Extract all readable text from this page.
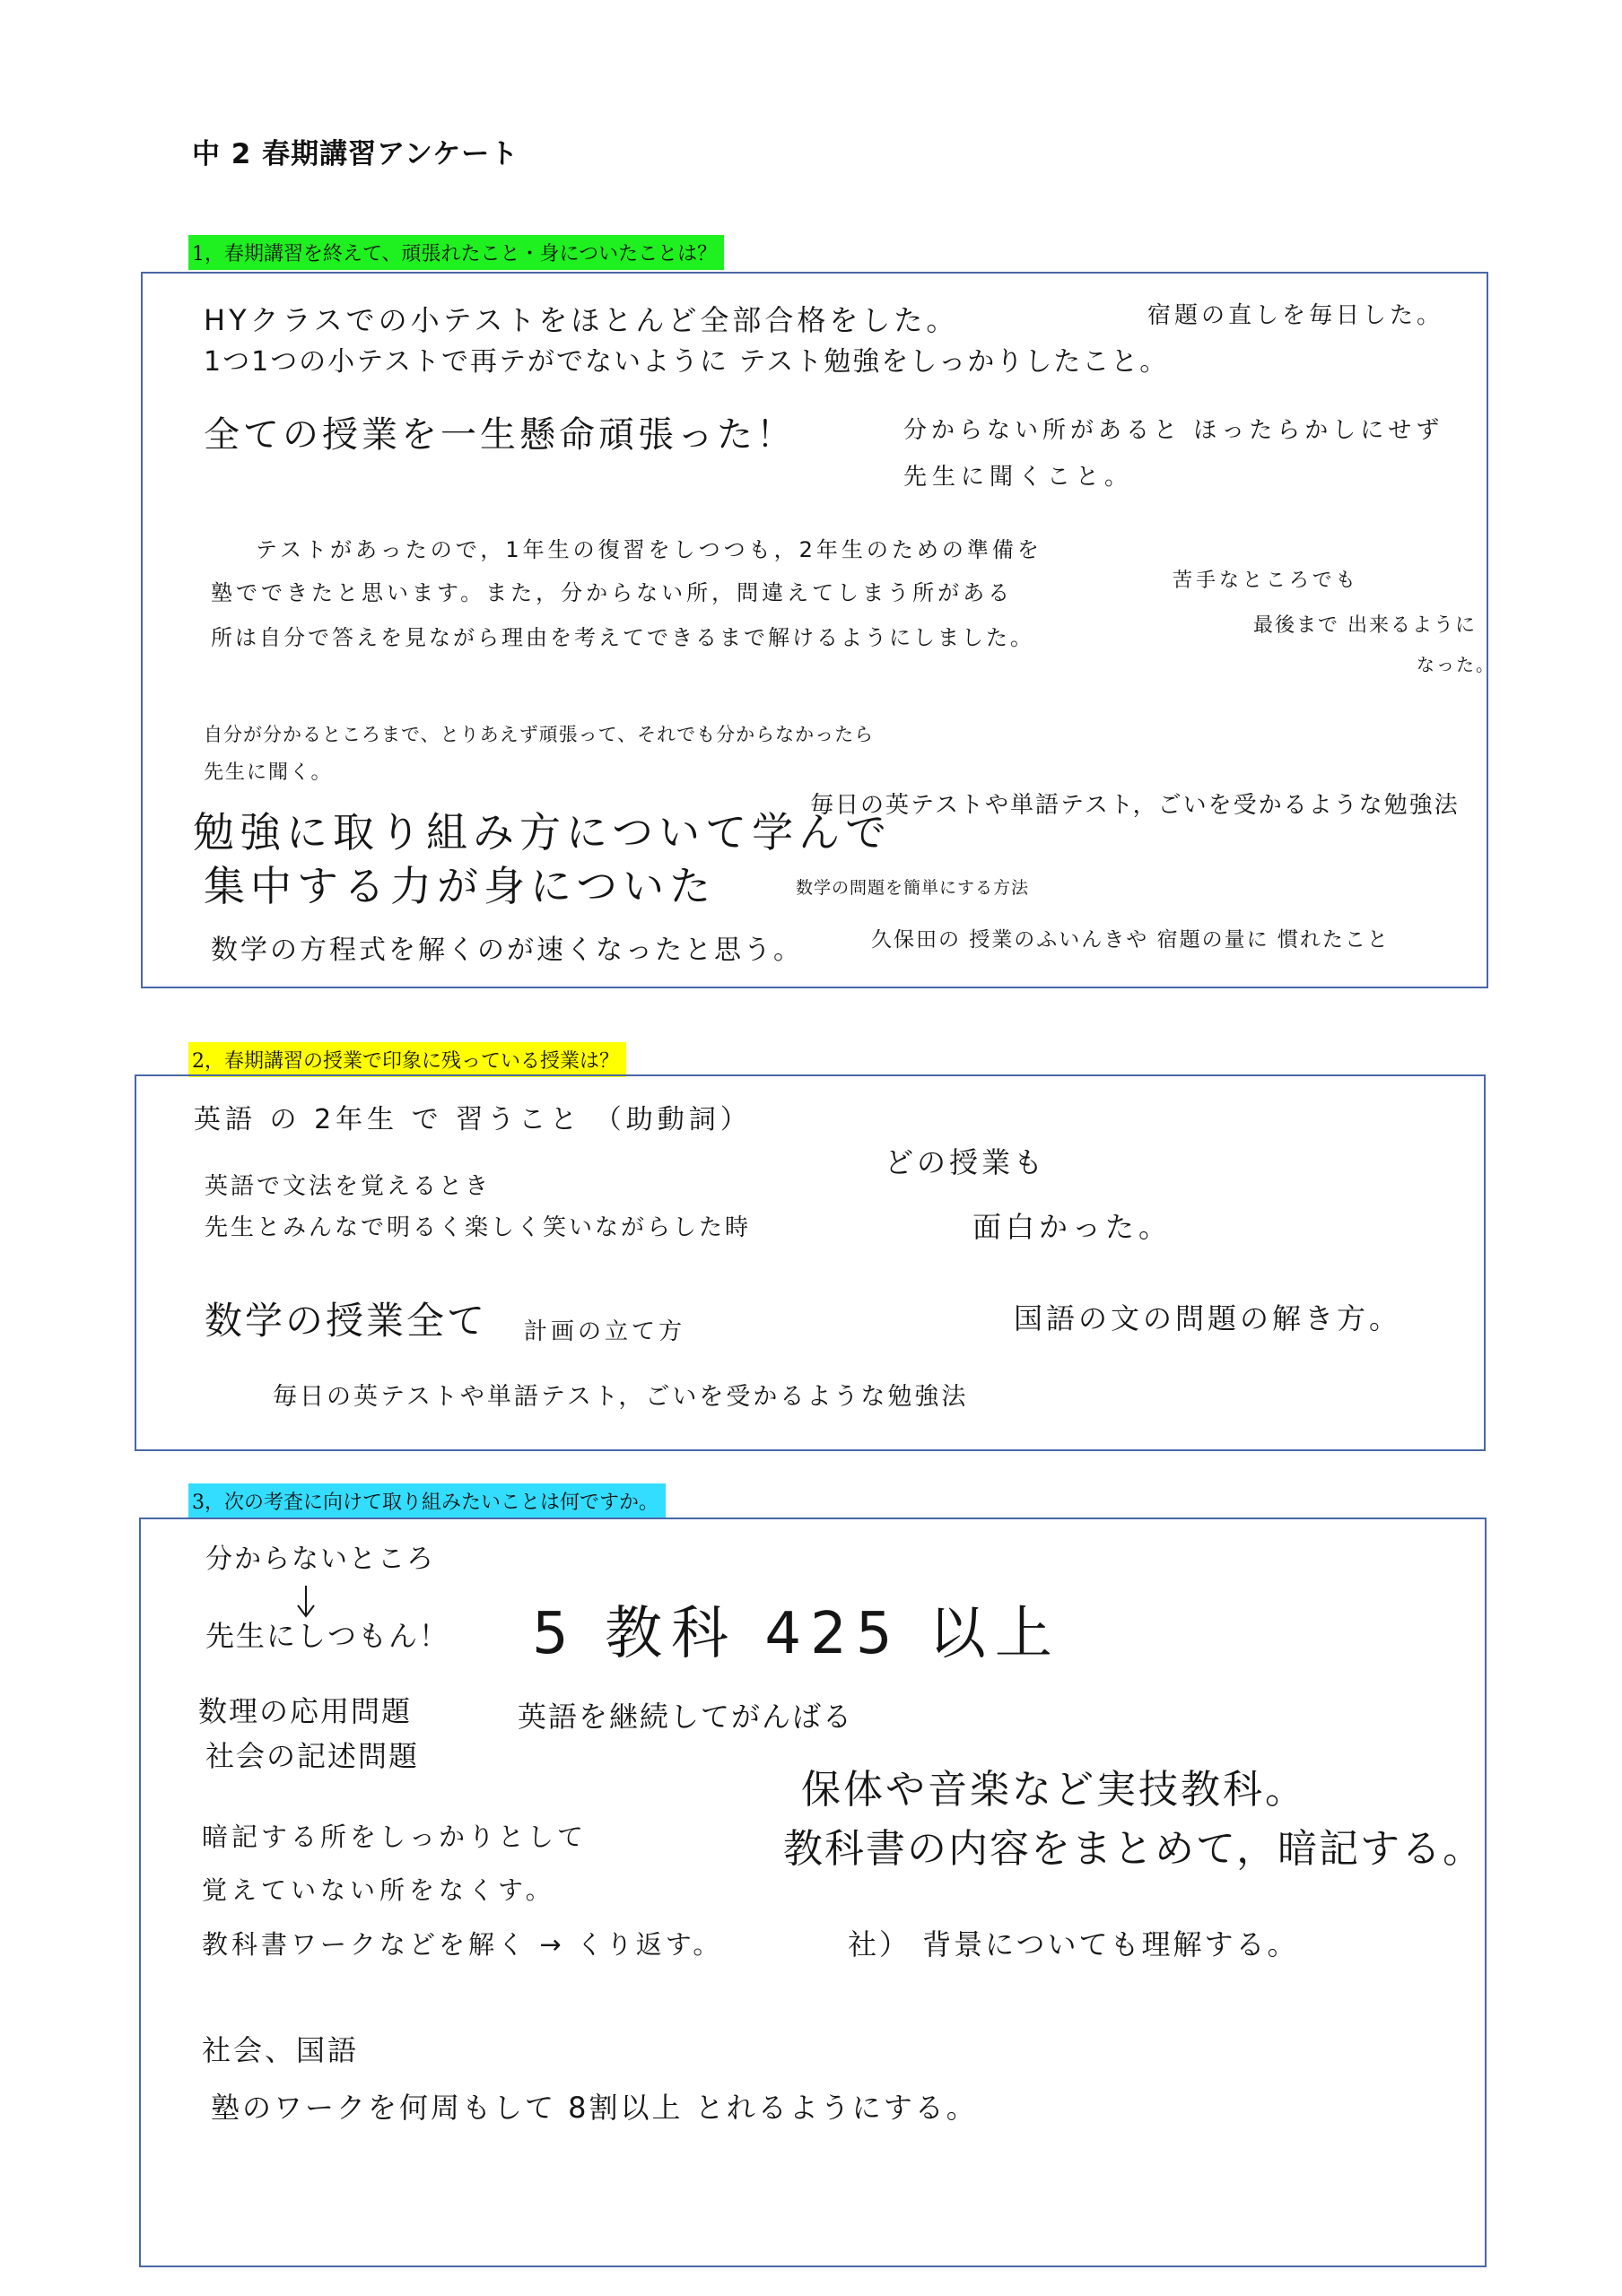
中 2 春期講習アンケート
1，春期講習を終えて、頑張れたこと・身についたことは？
HYクラスでの小テストをほとんど全部合格をした。
1つ1つの小テストで再テがでないように テスト勉強をしっかりしたこと。
全ての授業を一生懸命頑張った！
宿題の直しを毎日した。
分からない所があると ほったらかしにせず
先生に聞くこと。
テストがあったので，1年生の復習をしつつも，2年生のための準備を
塾でできたと思います。また，分からない所，問違えてしまう所がある
所は自分で答えを見ながら理由を考えてできるまで解けるようにしました。
苦手なところでも
最後まで 出来るように
なった。
自分が分かるところまで、とりあえず頑張って、それでも分からなかったら
先生に聞く。
勉強に取り組み方について学んで
集中する力が身についた
毎日の英テストや単語テスト，ごいを受かるような勉強法
数学の問題を簡単にする方法
数学の方程式を解くのが速くなったと思う。	久保田の 授業のふいんきや 宿題の量に 慣れたこと
2，春期講習の授業で印象に残っている授業は？
英語 の 2年生 で 習うこと （助動詞）
英語で文法を覚えるとき
先生とみんなで明るく楽しく笑いながらした時
どの授業も
面白かった。
数学の授業全て 計画の立て方	国語の文の問題の解き方。
毎日の英テストや単語テスト，ごいを受かるような勉強法
3，次の考査に向けて取り組みたいことは何ですか。
分からないところ
先生にしつもん！ 5 教科 425 以上
数理の応用問題
社会の記述問題
英語を継続してがんばる
保体や音楽など実技教科。
教科書の内容をまとめて，暗記する。
暗記する所をしっかりとして
覚えていない所をなくす。
教科書ワークなどを解く → くり返す。	社） 背景についても理解する。
社会、国語
塾のワークを何周もして 8割以上 とれるようにする。
